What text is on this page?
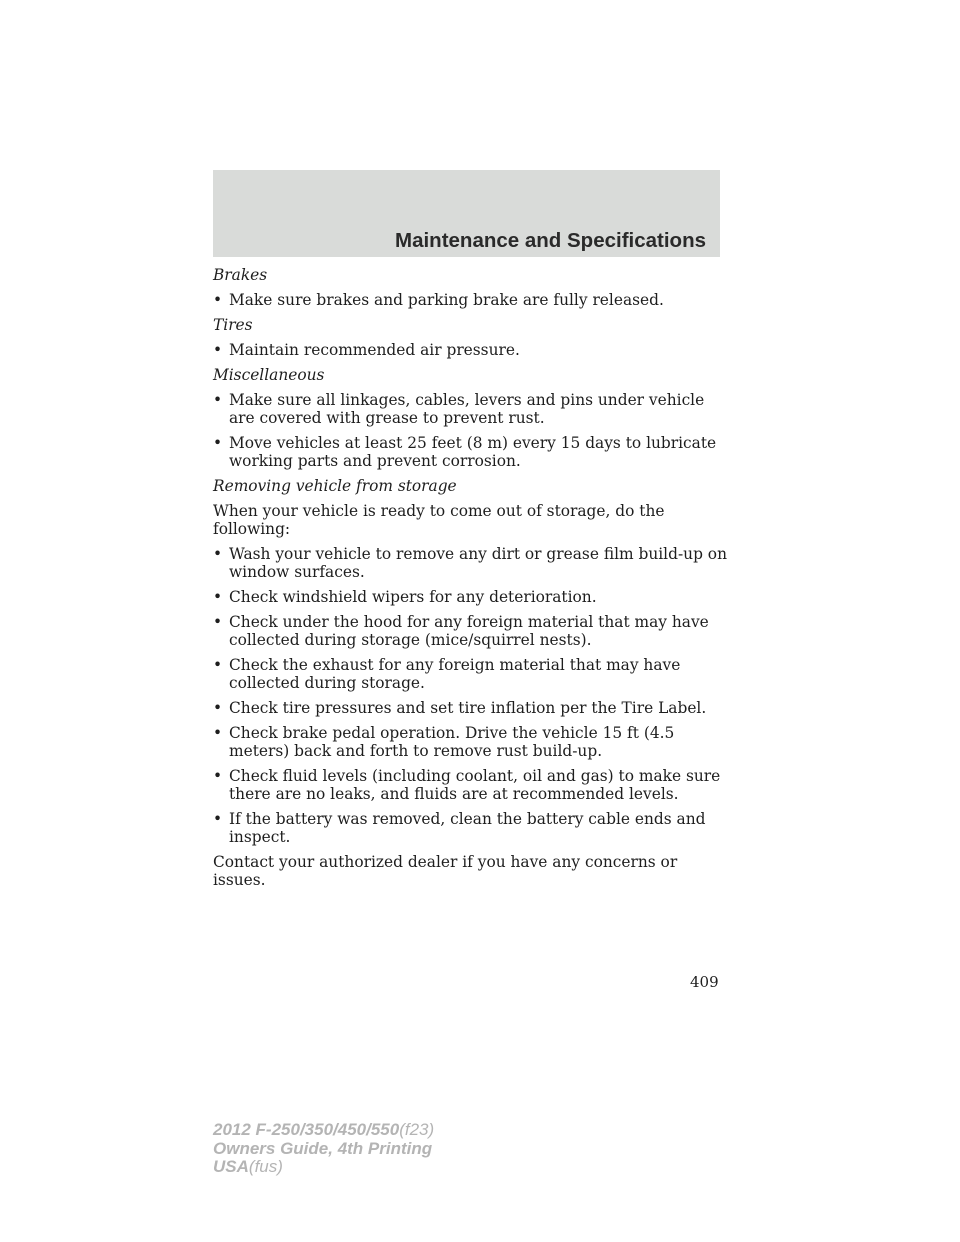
Maintenance and Specifications
Brakes
• Make sure brakes and parking brake are fully released.
Tires
• Maintain recommended air pressure.
Miscellaneous
• Make sure all linkages, cables, levers and pins under vehicle are covered with grease to prevent rust.
• Move vehicles at least 25 feet (8 m) every 15 days to lubricate working parts and prevent corrosion.
Removing vehicle from storage
When your vehicle is ready to come out of storage, do the following:
• Wash your vehicle to remove any dirt or grease film build-up on window surfaces.
• Check windshield wipers for any deterioration.
• Check under the hood for any foreign material that may have collected during storage (mice/squirrel nests).
• Check the exhaust for any foreign material that may have collected during storage.
• Check tire pressures and set tire inflation per the Tire Label.
• Check brake pedal operation. Drive the vehicle 15 ft (4.5 meters) back and forth to remove rust build-up.
• Check fluid levels (including coolant, oil and gas) to make sure there are no leaks, and fluids are at recommended levels.
• If the battery was removed, clean the battery cable ends and inspect.
Contact your authorized dealer if you have any concerns or issues.
409
2012 F-250/350/450/550(f23)
Owners Guide, 4th Printing
USA(fus)
